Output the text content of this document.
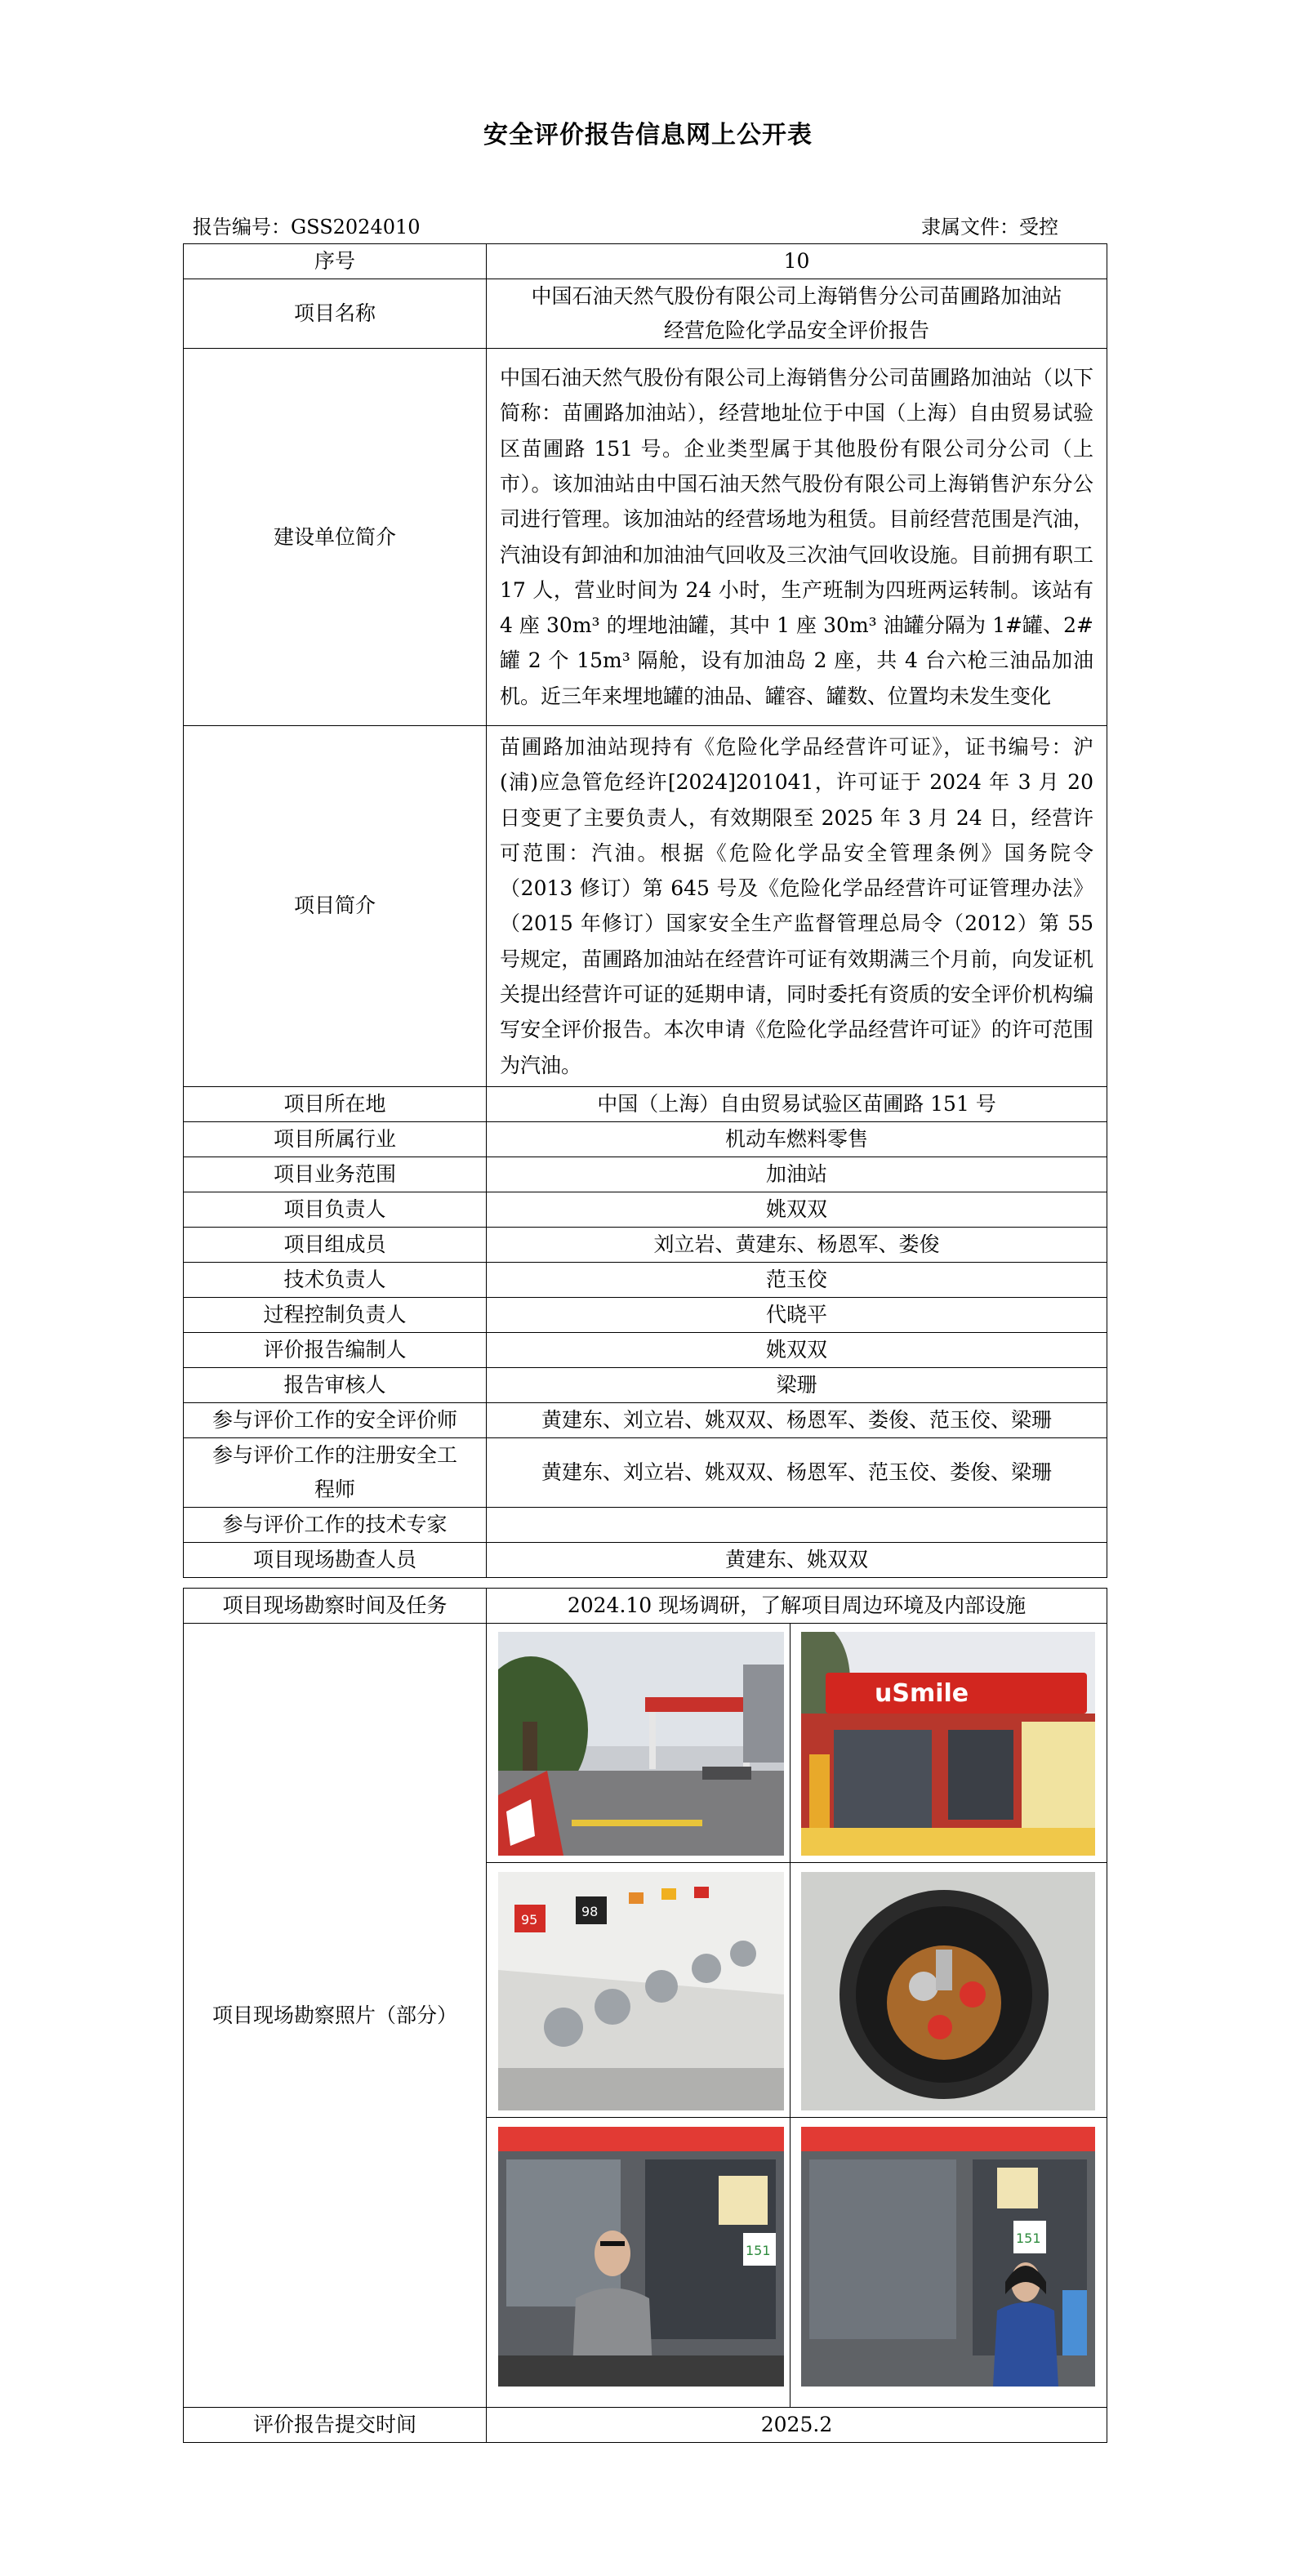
安全评价报告信息网上公开表
报告编号：GSS2024010	隶属文件：受控
序号	10
项目名称	中国石油天然气股份有限公司上海销售分公司苗圃路加油站
经营危险化学品安全评价报告

建设单位简介	中国石油天然气股份有限公司上海销售分公司苗圃路加油站（以下简称：苗圃路加油站），经营地址位于中国（上海）自由贸易试验区苗圃路 151 号。企业类型属于其他股份有限公司分公司（上市）。该加油站由中国石油天然气股份有限公司上海销售沪东分公司进行管理。该加油站的经营场地为租赁。目前经营范围是汽油，汽油设有卸油和加油油气回收及三次油气回收设施。目前拥有职工 17 人，营业时间为 24 小时，生产班制为四班两运转制。该站有 4 座 30m³ 的埋地油罐，其中 1 座 30m³ 油罐分隔为 1#罐、2#罐 2 个 15m³ 隔舱，设有加油岛 2 座，共 4 台六枪三油品加油机。近三年来埋地罐的油品、罐容、罐数、位置均未发生变化
项目简介	苗圃路加油站现持有《危险化学品经营许可证》，证书编号：沪(浦)应急管危经许[2024]201041，许可证于 2024 年 3 月 20 日变更了主要负责人，有效期限至 2025 年 3 月 24 日，经营许可范围：汽油。根据《危险化学品安全管理条例》国务院令（2013 修订）第 645 号及《危险化学品经营许可证管理办法》（2015 年修订）国家安全生产监督管理总局令（2012）第 55 号规定，苗圃路加油站在经营许可证有效期满三个月前，向发证机关提出经营许可证的延期申请，同时委托有资质的安全评价机构编写安全评价报告。本次申请《危险化学品经营许可证》的许可范围为汽油。
项目所在地	中国（上海）自由贸易试验区苗圃路 151 号
项目所属行业	机动车燃料零售
项目业务范围	加油站
项目负责人	姚双双
项目组成员	刘立岩、黄建东、杨恩军、娄俊
技术负责人	范玉佼
过程控制负责人	代晓平
评价报告编制人	姚双双
报告审核人	梁珊
参与评价工作的安全评价师	黄建东、刘立岩、姚双双、杨恩军、娄俊、范玉佼、梁珊

参与评价工作的注册安全工
程师	黄建东、刘立岩、姚双双、杨恩军、范玉佼、娄俊、梁珊
参与评价工作的技术专家	
项目现场勘查人员	黄建东、姚双双
项目现场勘察时间及任务	2024.10 现场调研，了解项目周边环境及内部设施
项目现场勘察照片（部分）	uSmile
95
98
151
151

评价报告提交时间	2025.2
